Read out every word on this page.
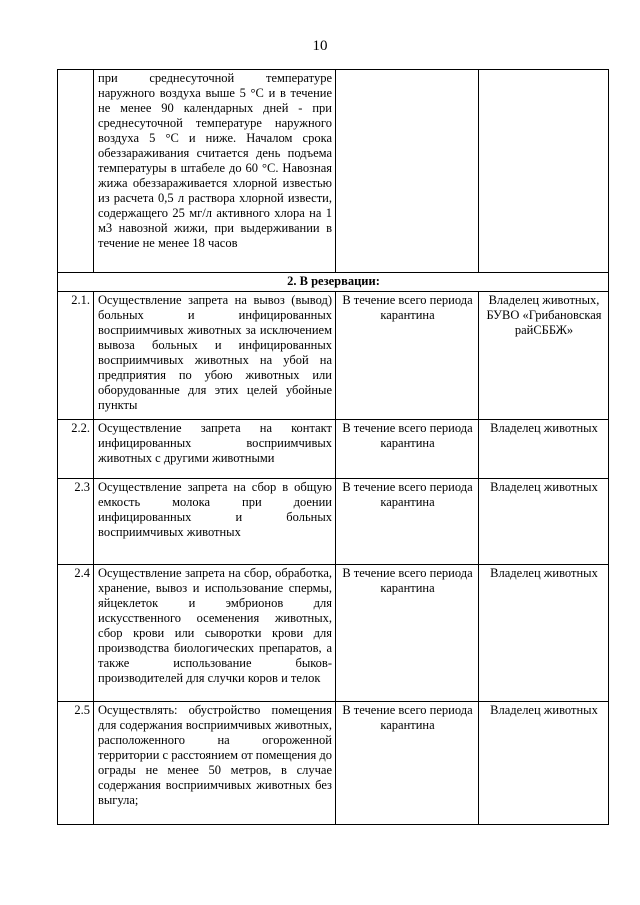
10
	при среднесуточной температуре наружного воздуха выше 5 °С и в течение не менее 90 календарных дней - при среднесуточной температуре наружного воздуха 5 °С и ниже. Началом срока обеззараживания считается день подъема температуры в штабеле до 60 °С. Навозная жижа обеззараживается хлорной известью из расчета 0,5 л раствора хлорной извести, содержащего 25 мг/л активного хлора на 1 м3 навозной жижи, при выдерживании в течение не менее 18 часов		
2. В резервации:			
2.1.	Осуществление запрета на вывоз (вывод) больных и инфицированных восприимчивых животных за исключением вывоза больных и инфицированных восприимчивых животных на убой на предприятия по убою животных или оборудованные для этих целей убойные пункты	В течение всего периода карантина	Владелец животных, БУВО «Грибановская райСББЖ»
2.2.	Осуществление запрета на контакт инфицированных восприимчивых животных с другими животными	В течение всего периода карантина	Владелец животных
2.3	Осуществление запрета на сбор в общую емкость молока при доении инфицированных и больных восприимчивых животных	В течение всего периода карантина	Владелец животных
2.4	Осуществление запрета на сбор, обработка, хранение, вывоз и использование спермы, яйцеклеток и эмбрионов для искусственного осеменения животных, сбор крови или сыворотки крови для производства биологических препаратов, а также использование быков-производителей для случки коров и телок	В течение всего периода карантина	Владелец животных
2.5	Осуществлять: обустройство помещения для содержания восприимчивых животных, расположенного на огороженной территории с расстоянием от помещения до ограды не менее 50 метров, в случае содержания восприимчивых животных без выгула;	В течение всего периода карантина	Владелец животных
